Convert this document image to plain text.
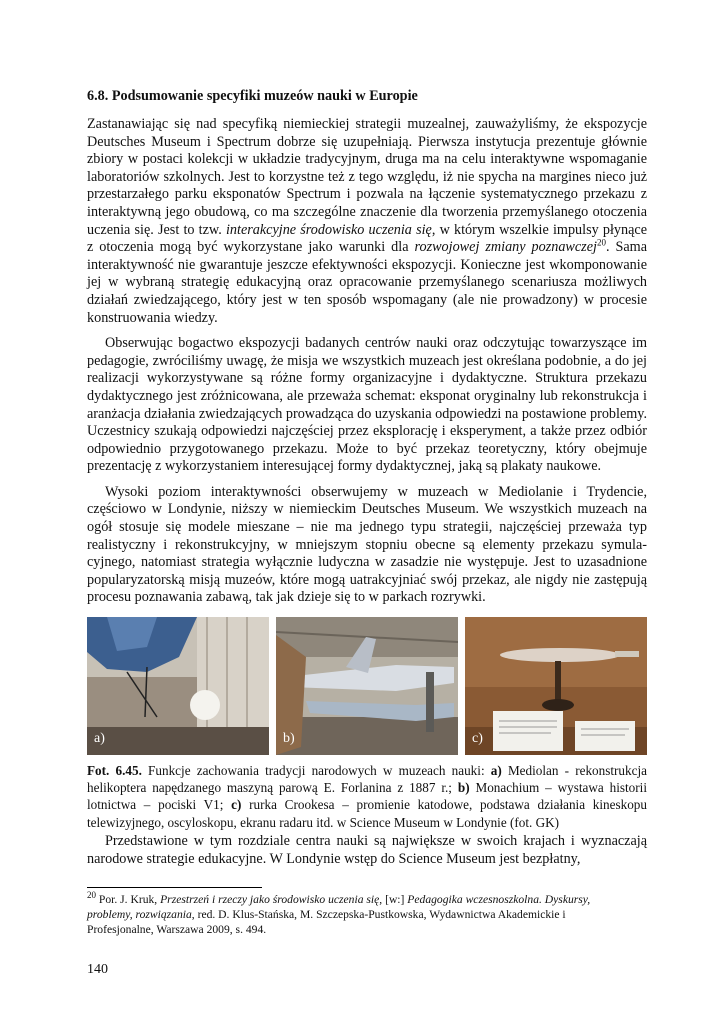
6.8. Podsumowanie specyfiki muzeów nauki w Europie

Zastanawiając się nad specyfiką niemieckiej strategii muzealnej, zauważyliśmy, że ekspozycje Deutsches Museum i Spectrum dobrze się uzupełniają. Pierwsza instytucja prezentuje głównie zbiory w postaci kolekcji w układzie tradycyjnym, druga ma na celu interaktywne wspomaganie laboratoriów szkolnych. Jest to korzystne też z tego względu, iż nie spycha na margines nieco już przestarzałego parku eksponatów Spectrum i pozwala na łączenie systematycznego przekazu z interaktywną jego obudową, co ma szczególne znaczenie dla tworzenia przemyślanego otoczenia uczenia się. Jest to tzw. interakcyjne środowisko uczenia się, w którym wszelkie impulsy płynące z otoczenia mogą być wykorzystane jako warunki dla rozwojowej zmiany poznawczej$^{20}$. Sama interaktywność nie gwarantuje jeszcze efektywności ekspozycji. Konieczne jest wkomponowanie jej w wybraną strategię edukacyjną oraz opracowanie przemyślanego scenariusza możliwych działań zwiedzającego, który jest w ten sposób wspomagany (ale nie prowadzony) w procesie konstruowania wiedzy.

Obserwując bogactwo ekspozycji badanych centrów nauki oraz odczytując towarzyszące im pedagogie, zwróciliśmy uwagę, że misja we wszystkich muzeach jest określana podobnie, a do jej realizacji wykorzystywane są różne formy organizacyjne i dydaktyczne. Struktura przekazu dydaktycznego jest zróżnicowana, ale przeważa schemat: eksponat oryginalny lub rekonstrukcja i aranżacja działania zwiedzających prowadząca do uzyskania odpowiedzi na postawione problemy. Uczestnicy szukają odpowiedzi najczęściej przez eksplorację i eksperyment, a także przez odbiór odpowiednio przygotowanego przekazu. Może to być przekaz teoretyczny, który obejmuje prezentację z wykorzystaniem interesującej formy dydaktycznej, jaką są plakaty naukowe.

Wysoki poziom interaktywności obserwujemy w muzeach w Mediolanie i Trydencie, częściowo w Londynie, niższy w niemieckim Deutsches Museum. We wszystkich muzeach na ogół stosuje się modele mieszane – nie ma jednego typu strategii, najczęściej przeważa typ realistyczny i rekonstrukcyjny, w mniejszym stopniu obecne są elementy przekazu symula- cyjnego, natomiast strategia wyłącznie ludyczna w zasadzie nie występuje. Jest to uzasadnione popularyzatorską misją muzeów, które mogą uatrakcyjniać swój przekaz, ale nigdy nie zastępują procesu poznawania zabawą, tak jak dzieje się to w parkach rozrywki.

a)	b)	c)
Fot. 6.45. Funkcje zachowania tradycji narodowych w muzeach nauki: a) Mediolan - rekonstrukcja helikoptera napędzanego maszyną parową E. Forlanina z 1887 r.; b) Monachium – wystawa historii lotnictwa – pociski V1; c) rurka Crookesa – promienie katodowe, podstawa działania kineskopu telewizyjnego, oscyloskopu, ekranu radaru itd. w Science Museum w Londynie (fot. GK)

Przedstawione w tym rozdziale centra nauki są największe w swoich krajach i wyznaczają narodowe strategie edukacyjne. W Londynie wstęp do Science Museum jest bezpłatny,

$^{20}$ Por. J. Kruk, Przestrzeń i rzeczy jako środowisko uczenia się, [w:] Pedagogika wczesnoszkolna. Dyskursy, problemy, rozwiązania, red. D. Klus-Stańska, M. Szczepska-Pustkowska, Wydawnictwa Akademickie i Profesjonalne, Warszawa 2009, s. 494.
140
